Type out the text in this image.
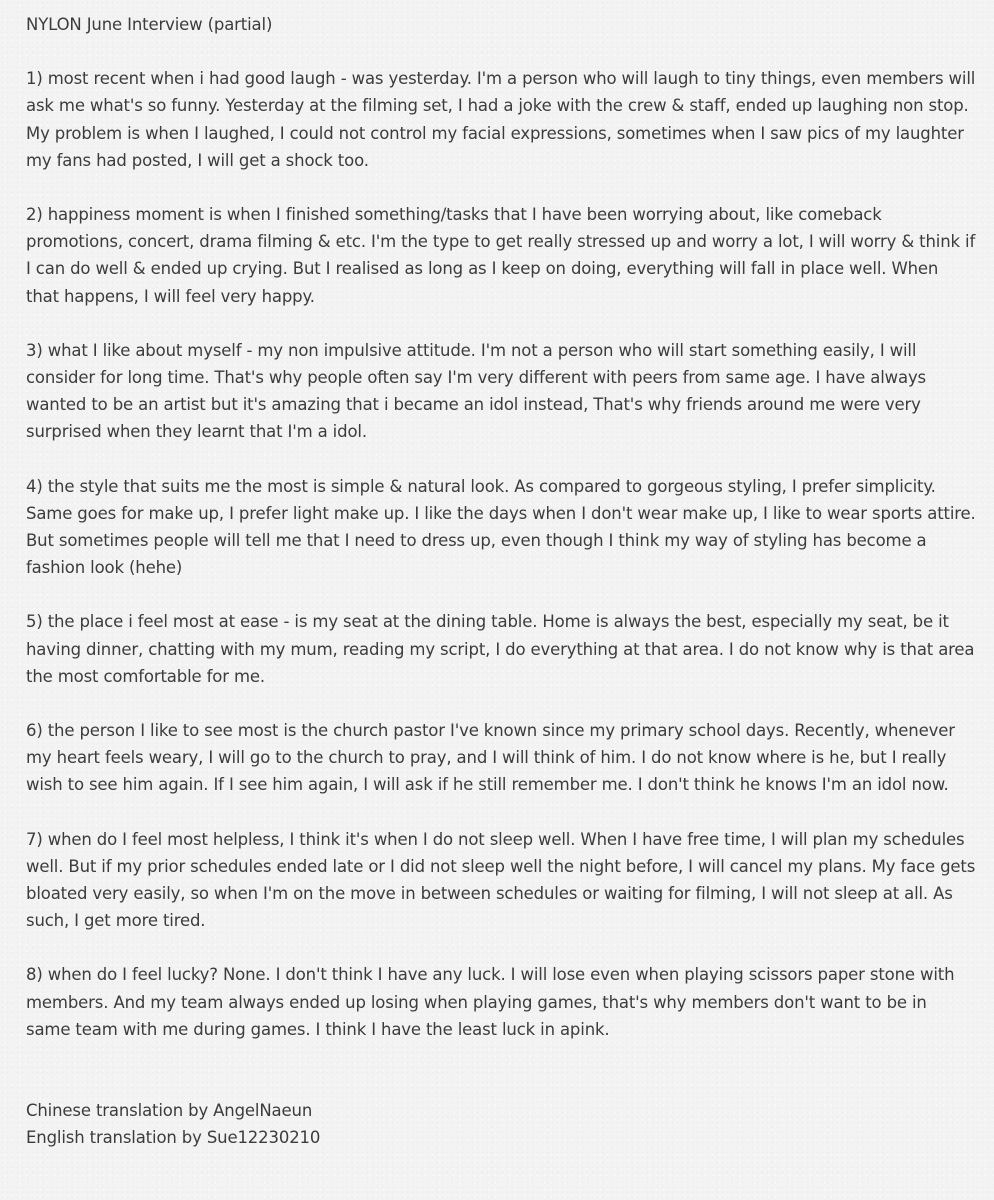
NYLON June Interview (partial)

1) most recent when i had good laugh - was yesterday. I'm a person who will laugh to tiny things, even members will ask me what's so funny. Yesterday at the filming set, I had a joke with the crew & staff, ended up laughing non stop. My problem is when I laughed, I could not control my facial expressions, sometimes when I saw pics of my laughter my fans had posted, I will get a shock too.

2) happiness moment is when I finished something/tasks that I have been worrying about, like comeback promotions, concert, drama filming & etc. I'm the type to get really stressed up and worry a lot, I will worry & think if I can do well & ended up crying. But I realised as long as I keep on doing, everything will fall in place well. When that happens, I will feel very happy.

3) what I like about myself - my non impulsive attitude. I'm not a person who will start something easily, I will consider for long time. That's why people often say I'm very different with peers from same age. I have always wanted to be an artist but it's amazing that i became an idol instead, That's why friends around me were very surprised when they learnt that I'm a idol.

4) the style that suits me the most is simple & natural look. As compared to gorgeous styling, I prefer simplicity. Same goes for make up, I prefer light make up. I like the days when I don't wear make up, I like to wear sports attire. But sometimes people will tell me that I need to dress up, even though I think my way of styling has become a fashion look (hehe)

5) the place i feel most at ease - is my seat at the dining table. Home is always the best, especially my seat, be it having dinner, chatting with my mum, reading my script, I do everything at that area. I do not know why is that area the most comfortable for me.

6) the person I like to see most is the church pastor I've known since my primary school days. Recently, whenever my heart feels weary, I will go to the church to pray, and I will think of him. I do not know where is he, but I really wish to see him again. If I see him again, I will ask if he still remember me. I don't think he knows I'm an idol now.

7) when do I feel most helpless, I think it's when I do not sleep well. When I have free time, I will plan my schedules well. But if my prior schedules ended late or I did not sleep well the night before, I will cancel my plans. My face gets bloated very easily, so when I'm on the move in between schedules or waiting for filming, I will not sleep at all. As such, I get more tired.

8) when do I feel lucky? None. I don't think I have any luck. I will lose even when playing scissors paper stone with members. And my team always ended up losing when playing games, that's why members don't want to be in same team with me during games. I think I have the least luck in apink.

Chinese translation by AngelNaeun
English translation by Sue12230210
